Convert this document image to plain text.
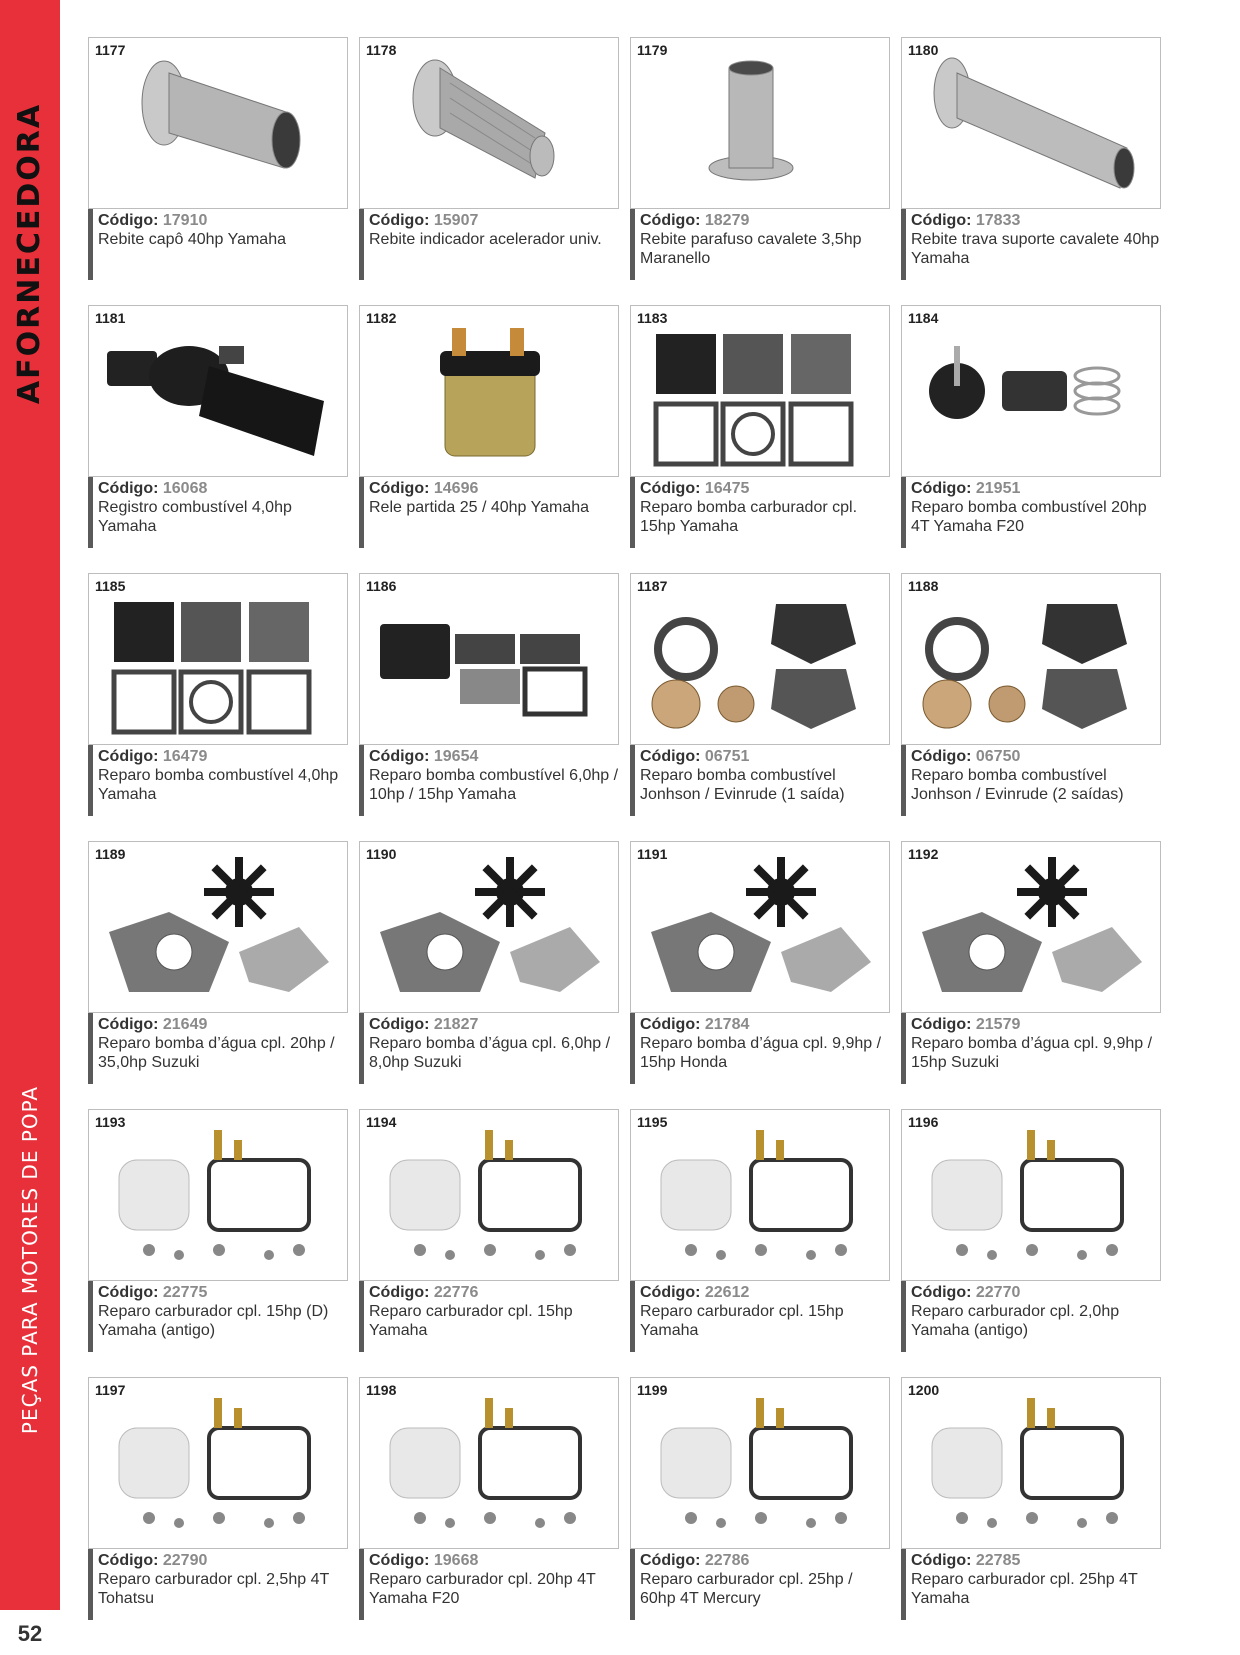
AFORNECEDORA
PEÇAS PARA MOTORES DE POPA
52
1177
Código: 17910
Rebite capô 40hp Yamaha
1178
Código: 15907
Rebite indicador acelerador univ.
1179
Código: 18279
Rebite parafuso cavalete 3,5hp Maranello
1180
Código: 17833
Rebite trava suporte cavalete 40hp Yamaha
1181
Código: 16068
Registro combustível 4,0hp Yamaha
1182
Código: 14696
Rele partida 25 / 40hp Yamaha
1183
Código: 16475
Reparo bomba carburador cpl. 15hp Yamaha
1184
Código: 21951
Reparo bomba combustível 20hp 4T Yamaha F20
1185
Código: 16479
Reparo bomba combustível 4,0hp Yamaha
1186
Código: 19654
Reparo bomba combustível 6,0hp / 10hp / 15hp Yamaha
1187
Código: 06751
Reparo bomba combustível Jonhson / Evinrude (1 saída)
1188
Código: 06750
Reparo bomba combustível Jonhson / Evinrude (2 saídas)
1189
Código: 21649
Reparo bomba d’água cpl. 20hp / 35,0hp Suzuki
1190
Código: 21827
Reparo bomba d’água cpl. 6,0hp / 8,0hp Suzuki
1191
Código: 21784
Reparo bomba d’água cpl. 9,9hp / 15hp Honda
1192
Código: 21579
Reparo bomba d’água cpl. 9,9hp / 15hp Suzuki
1193
Código: 22775
Reparo carburador cpl. 15hp (D) Yamaha (antigo)
1194
Código: 22776
Reparo carburador cpl. 15hp Yamaha
1195
Código: 22612
Reparo carburador cpl. 15hp Yamaha
1196
Código: 22770
Reparo carburador cpl. 2,0hp Yamaha (antigo)
1197
Código: 22790
Reparo carburador cpl. 2,5hp 4T Tohatsu
1198
Código: 19668
Reparo carburador cpl. 20hp 4T Yamaha F20
1199
Código: 22786
Reparo carburador cpl. 25hp / 60hp 4T Mercury
1200
Código: 22785
Reparo carburador cpl. 25hp 4T Yamaha
